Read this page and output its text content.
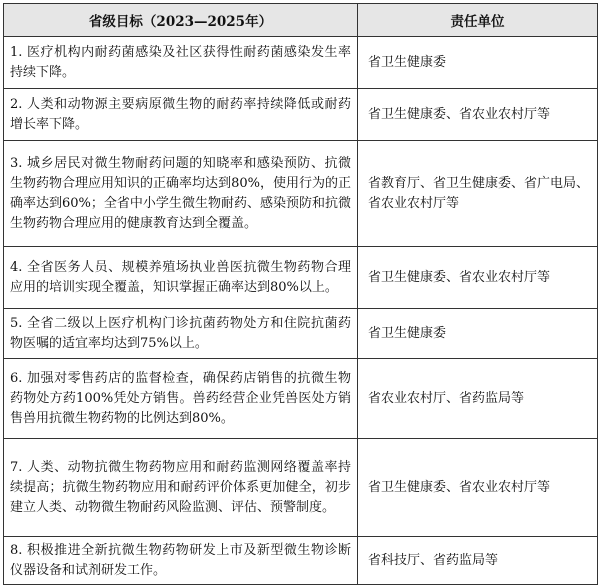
省级目标（2023—2025年）	责任单位
1. 医疗机构内耐药菌感染及社区获得性耐药菌感染发生率持续下降。	省卫生健康委
2. 人类和动物源主要病原微生物的耐药率持续降低或耐药增长率下降。	省卫生健康委、省农业农村厅等
3. 城乡居民对微生物耐药问题的知晓率和感染预防、抗微生物药物合理应用知识的正确率均达到80%，使用行为的正确率达到60%；全省中小学生微生物耐药、感染预防和抗微生物药物合理应用的健康教育达到全覆盖。	省教育厅、省卫生健康委、省广电局、省农业农村厅等
4. 全省医务人员、规模养殖场执业兽医抗微生物药物合理应用的培训实现全覆盖，知识掌握正确率达到80%以上。	省卫生健康委、省农业农村厅等
5. 全省二级以上医疗机构门诊抗菌药物处方和住院抗菌药物医嘱的适宜率均达到75%以上。	省卫生健康委
6. 加强对零售药店的监督检查，确保药店销售的抗微生物药物处方药100%凭处方销售。兽药经营企业凭兽医处方销售兽用抗微生物药物的比例达到80%。	省农业农村厅、省药监局等
7. 人类、动物抗微生物药物应用和耐药监测网络覆盖率持续提高；抗微生物药物应用和耐药评价体系更加健全，初步建立人类、动物微生物耐药风险监测、评估、预警制度。	省卫生健康委、省农业农村厅等
8. 积极推进全新抗微生物药物研发上市及新型微生物诊断仪器设备和试剂研发工作。	省科技厅、省药监局等
